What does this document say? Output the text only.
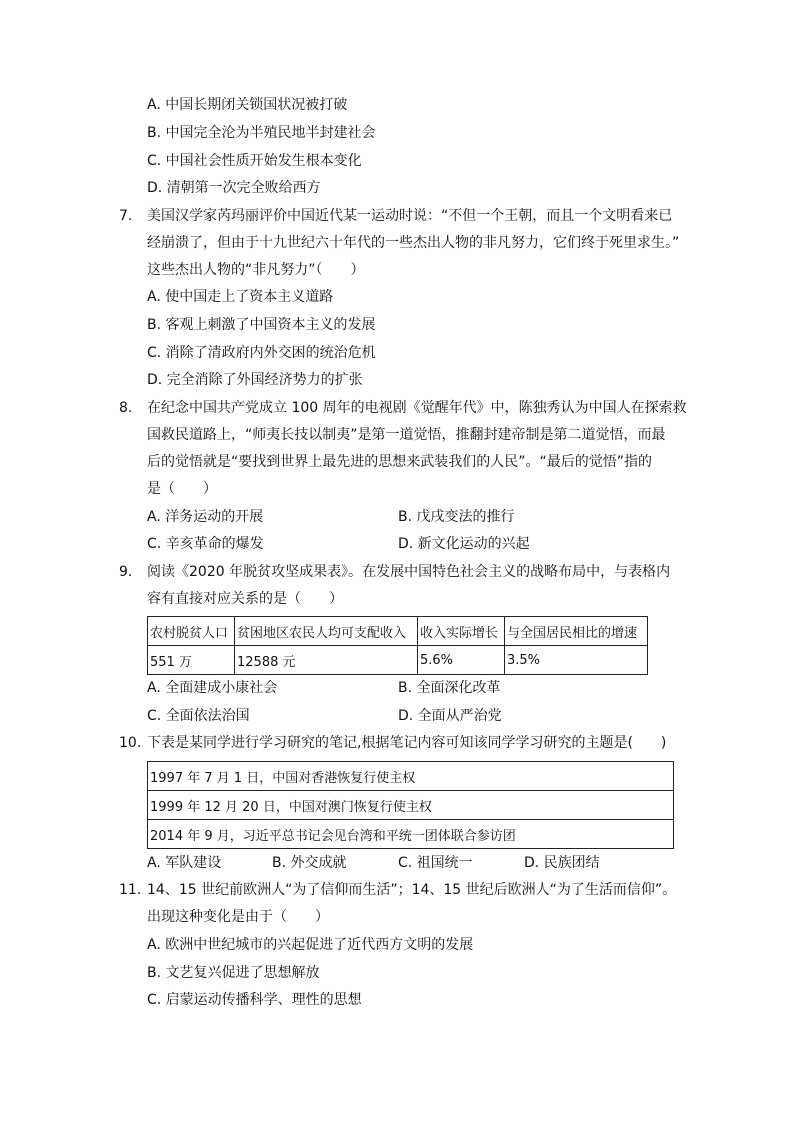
A. 中国长期闭关锁国状况被打破
B. 中国完全沦为半殖民地半封建社会
C. 中国社会性质开始发生根本变化
D. 清朝第一次完全败给西方
7. 美国汉学家芮玛丽评价中国近代某一运动时说：“不但一个王朝，而且一个文明看来已
经崩溃了，但由于十九世纪六十年代的一些杰出人物的非凡努力，它们终于死里求生。”
这些杰出人物的“非凡努力”（　　）
A. 使中国走上了资本主义道路
B. 客观上刺激了中国资本主义的发展
C. 消除了清政府内外交困的统治危机
D. 完全消除了外国经济势力的扩张
8. 在纪念中国共产党成立 100 周年的电视剧《觉醒年代》中，陈独秀认为中国人在探索救
国救民道路上，“师夷长技以制夷”是第一道觉悟，推翻封建帝制是第二道觉悟，而最
后的觉悟就是“要找到世界上最先进的思想来武装我们的人民”。“最后的觉悟”指的
是（　　）
A. 洋务运动的开展	B. 戊戌变法的推行
C. 辛亥革命的爆发	D. 新文化运动的兴起
9. 阅读《2020 年脱贫攻坚成果表》。在发展中国特色社会主义的战略布局中，与表格内
容有直接对应关系的是（　　）
农村脱贫人口	贫困地区农民人均可支配收入	收入实际增长	与全国居民相比的增速
551 万	12588 元	5.6%	3.5%
A. 全面建成小康社会	B. 全面深化改革
C. 全面依法治国	D. 全面从严治党
10. 下表是某同学进行学习研究的笔记,根据笔记内容可知该同学学习研究的主题是(　　)
1997 年 7 月 1 日，中国对香港恢复行使主权
1999 年 12 月 20 日，中国对澳门恢复行使主权
2014 年 9 月，习近平总书记会见台湾和平统一团体联合参访团
A. 军队建设	B. 外交成就	C. 祖国统一	D. 民族团结
11. 14、15 世纪前欧洲人“为了信仰而生活”；14、15 世纪后欧洲人“为了生活而信仰”。
出现这种变化是由于（　　）
A. 欧洲中世纪城市的兴起促进了近代西方文明的发展
B. 文艺复兴促进了思想解放
C. 启蒙运动传播科学、理性的思想
